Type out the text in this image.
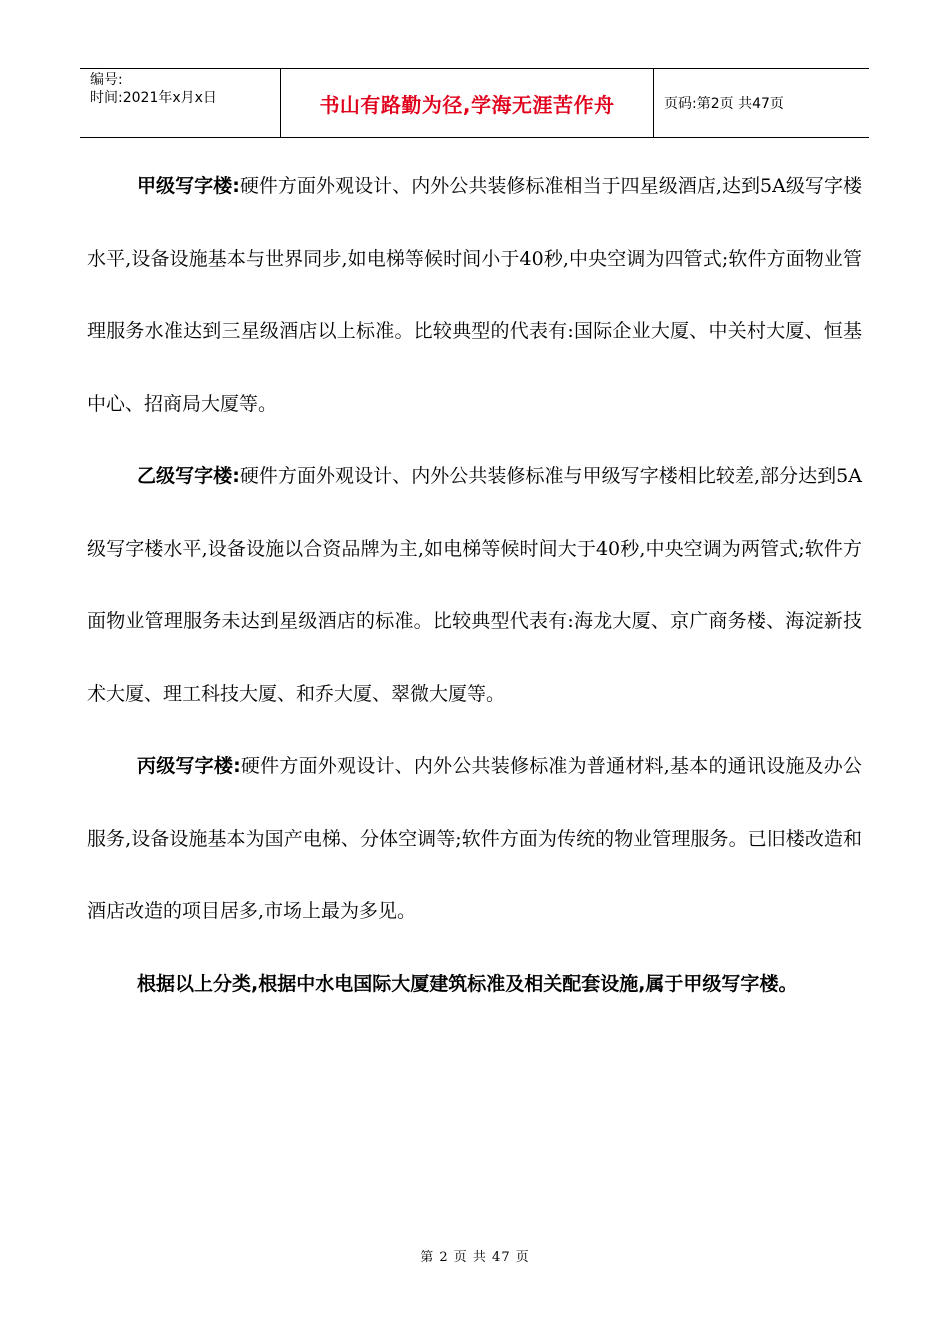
编号:
时间:2021年x月x日	书山有路勤为径,学海无涯苦作舟	页码:第2页 共47页

甲级写字楼:硬件方面外观设计、内外公共装修标准相当于四星级酒店,达到5A级写字楼水平,设备设施基本与世界同步,如电梯等候时间小于40秒,中央空调为四管式;软件方面物业管理服务水准达到三星级酒店以上标准。比较典型的代表有:国际企业大厦、中关村大厦、恒基中心、招商局大厦等。

乙级写字楼:硬件方面外观设计、内外公共装修标准与甲级写字楼相比较差,部分达到5A级写字楼水平,设备设施以合资品牌为主,如电梯等候时间大于40秒,中央空调为两管式;软件方面物业管理服务未达到星级酒店的标准。比较典型代表有:海龙大厦、京广商务楼、海淀新技术大厦、理工科技大厦、和乔大厦、翠微大厦等。

丙级写字楼:硬件方面外观设计、内外公共装修标准为普通材料,基本的通讯设施及办公服务,设备设施基本为国产电梯、分体空调等;软件方面为传统的物业管理服务。已旧楼改造和酒店改造的项目居多,市场上最为多见。

根据以上分类,根据中水电国际大厦建筑标准及相关配套设施,属于甲级写字楼。

第 2 页 共 47 页
